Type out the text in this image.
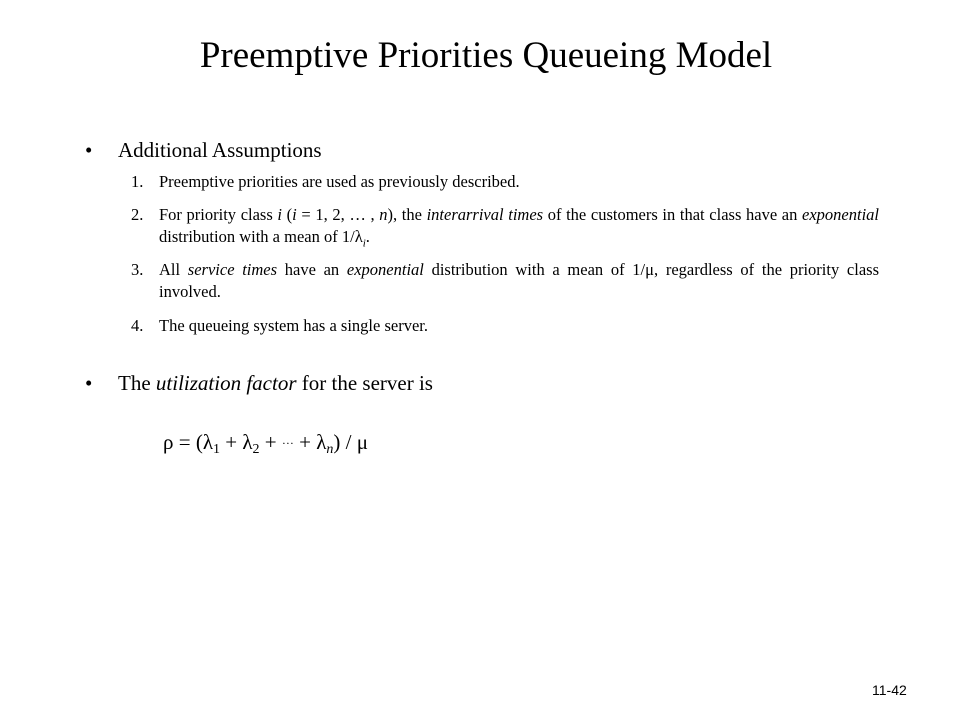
Preemptive Priorities Queueing Model
• Additional Assumptions
1. Preemptive priorities are used as previously described.
2. For priority class i (i = 1, 2, … , n), the interarrival times of the customers in that class have an exponential distribution with a mean of $1/\lambda_i$.
3. All service times have an exponential distribution with a mean of 1/μ, regardless of the priority class involved.
4. The queueing system has a single server.
• The utilization factor for the server is
$\rho = (\lambda_1 + \lambda_2$ + ··· + $\lambda_n$) / μ
11-42
